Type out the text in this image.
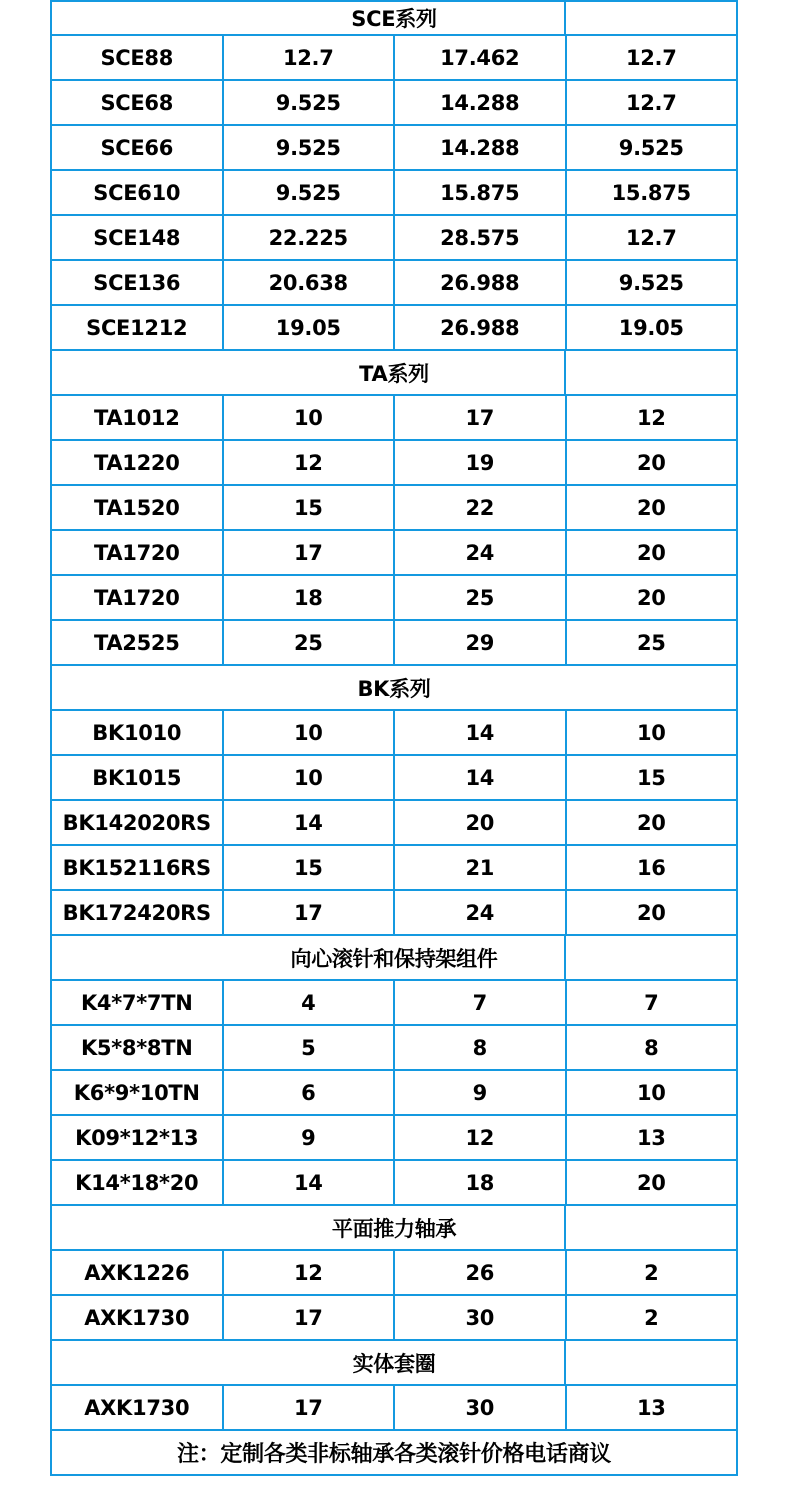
SCE系列			

SCE88	12.7	17.462	12.7
SCE68	9.525	14.288	12.7
SCE66	9.525	14.288	9.525
SCE610	9.525	15.875	15.875
SCE148	22.225	28.575	12.7
SCE136	20.638	26.988	9.525
SCE1212	19.05	26.988	19.05
TA系列			

TA1012	10	17	12
TA1220	12	19	20
TA1520	15	22	20
TA1720	17	24	20
TA1720	18	25	20
TA2525	25	29	25
BK系列			
BK1010	10	14	10
BK1015	10	14	15
BK142020RS	14	20	20
BK152116RS	15	21	16
BK172420RS	17	24	20
向心滚针和保持架组件			

K4*7*7TN	4	7	7
K5*8*8TN	5	8	8
K6*9*10TN	6	9	10
K09*12*13	9	12	13
K14*18*20	14	18	20
平面推力轴承			

AXK1226	12	26	2
AXK1730	17	30	2
实体套圈			

AXK1730	17	30	13
注：定制各类非标轴承各类滚针价格电话商议			
